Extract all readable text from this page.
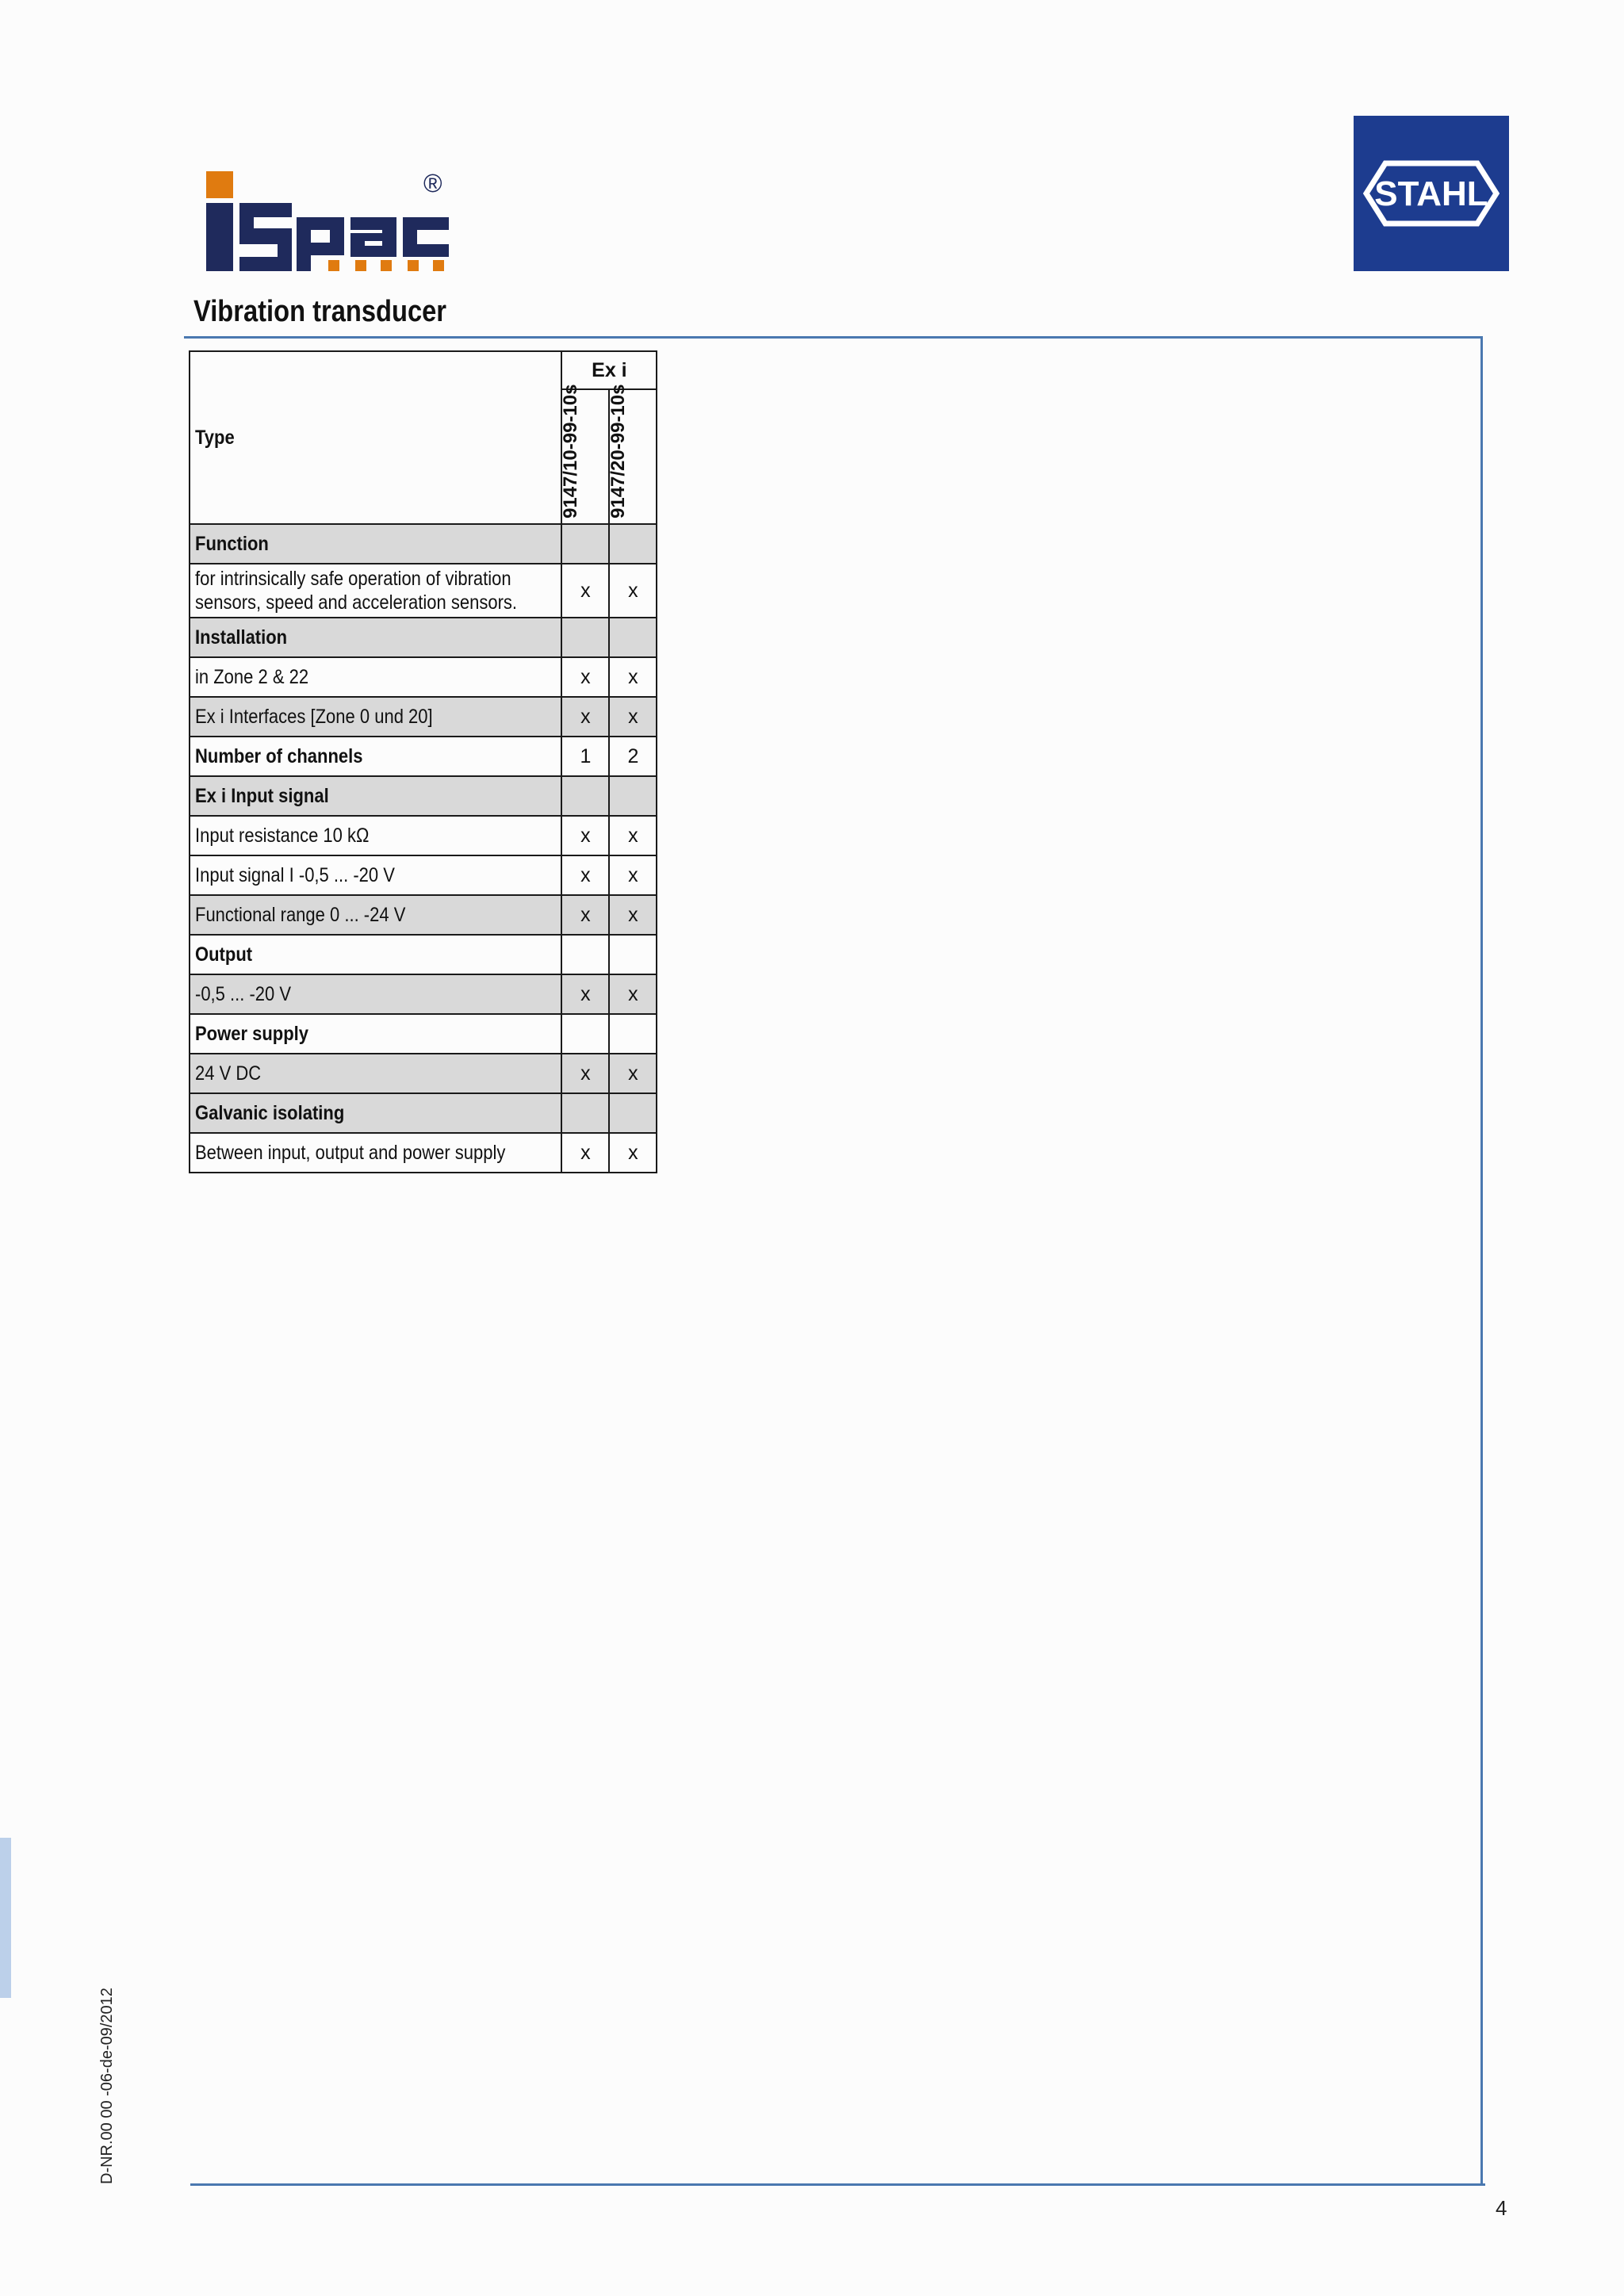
®	STAHL
Vibration transducer
Type	Ex i	

	9147/10-99-10s	9147/20-99-10s

Function		

for intrinsically safe operation of vibration
sensors, speed and acceleration sensors.	x	x
Installation		
in Zone 2 & 22	x	x
Ex i Interfaces [Zone 0 und 20]	x	x
Number of channels	1	2
Ex i Input signal		
Input resistance 10 kΩ	x	x
Input signal I -0,5 ... -20 V	x	x
Functional range 0 ... -24 V	x	x
Output		
-0,5 ... -20 V	x	x
Power supply		
24 V DC	x	x
Galvanic isolating		
Between input, output and power supply	x	x
D-NR.00 00 -06-de-09/2012
4
